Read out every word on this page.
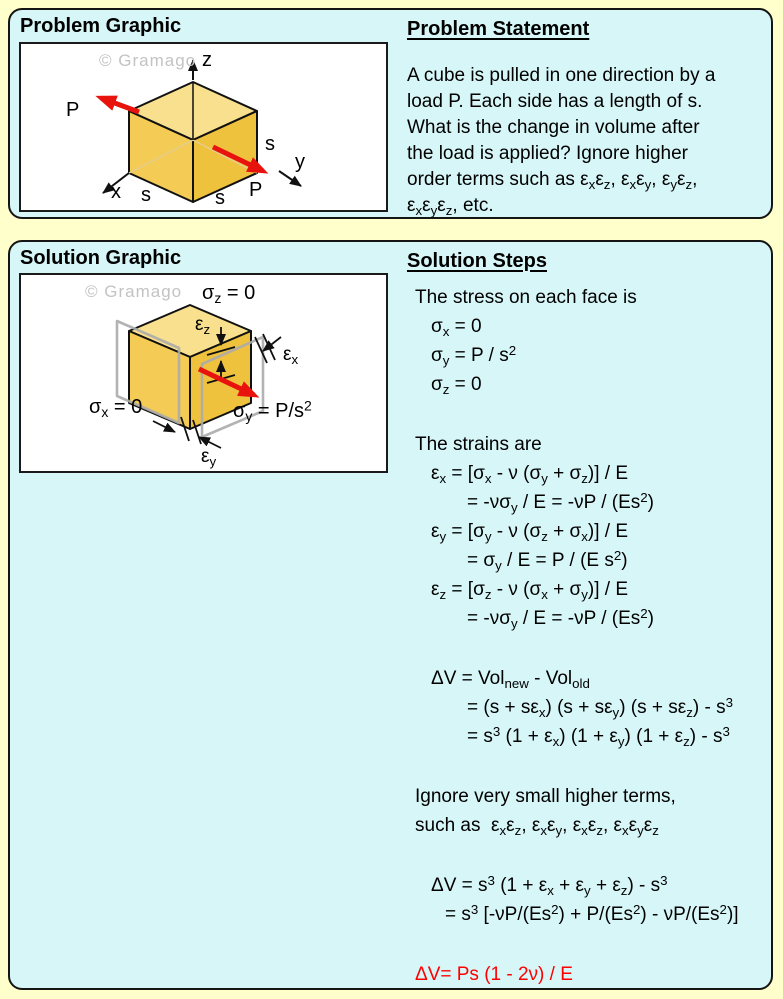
Problem Graphic
© Gramago z
x
y
P
P
s
s	s
Problem Statement
A cube is pulled in one direction by a
load P. Each side has a length of s.
What is the change in volume after
the load is applied? Ignore higher
order terms such as $\varepsilon_x\varepsilon_z$, $\varepsilon_x\varepsilon_y$, $\varepsilon_y\varepsilon_z$,
$\varepsilon_x\varepsilon_y\varepsilon_z$, etc.
Solution Graphic
© Gramago $\sigma_z = 0$
$\sigma_x = 0$	$\sigma_y = P/s^2$
$\varepsilon_z$
$\varepsilon_x$
$\varepsilon_y$
Solution Steps
The stress on each face is
$\sigma_x = 0$
$\sigma_y = P / s^2$
$\sigma_z = 0$
The strains are
$\varepsilon_x = [\sigma_x - \nu$ $(\sigma_y + \sigma_z)] / E$
= $-\nu\sigma_y / E = -\nu P / (Es^2)$
$\varepsilon_y = [\sigma_y - \nu$ $(\sigma_z + \sigma_x)] / E$
= $\sigma_y / E = P / (E$ $s^2$)
$\varepsilon_z = [\sigma_z - \nu$ $(\sigma_x + \sigma_y)] / E$
= $-\nu\sigma_y / E = -\nu P / (Es^2)$
ΔV = Vol$_{new}$ - Vol$_{old}$
= $(s + s\varepsilon_x)$ $(s + s\varepsilon_y)$ $(s + s\varepsilon_z) - s^3$
= $s^3$ $(1 + \varepsilon_x)$ $(1 + \varepsilon_y)$ $(1 + \varepsilon_z) - s^3$
Ignore very small higher terms,
such as  $\varepsilon_x\varepsilon_z$, $\varepsilon_x\varepsilon_y$, $\varepsilon_x\varepsilon_z$, $\varepsilon_x\varepsilon_y\varepsilon_z$
$\Delta V = s^3$ $(1 + \varepsilon_x + \varepsilon_y + \varepsilon_z) - s^3$
= $s^3$ $[-\nu P/(Es^2) + P/(Es^2) - \nu P/(Es^2)]$
ΔV= Ps (1 - 2ν) / E
